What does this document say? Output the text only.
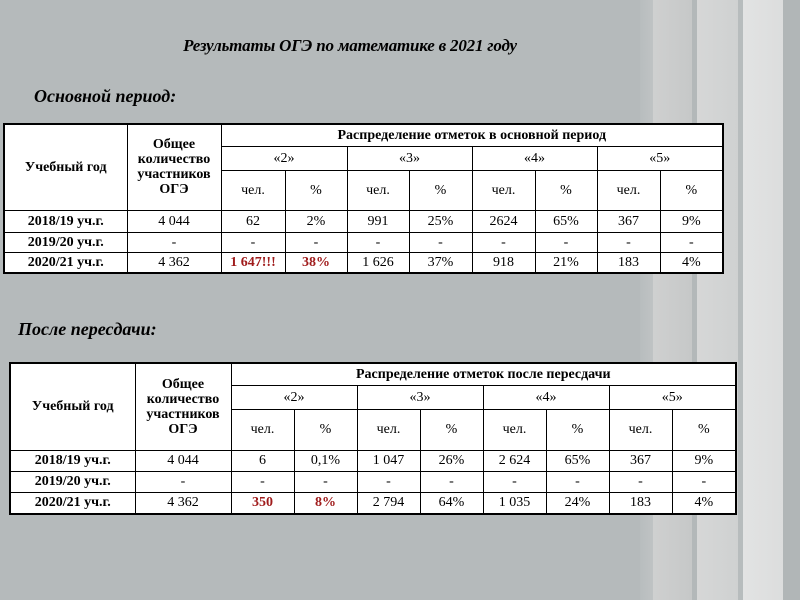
Результаты ОГЭ по математике в 2021 году
Основной период:
Учебный год	Общее количество участников ОГЭ	Распределение отметок в основной период							
		«2»		«3»		«4»		«5»	
		чел.	%	чел.	%	чел.	%	чел.	%
2018/19 уч.г.	4 044	62	2%	991	25%	2624	65%	367	9%
2019/20 уч.г.	-	-	-	-	-	-	-	-	-
2020/21 уч.г.	4 362	1 647!!!	38%	1 626	37%	918	21%	183	4%
После пересдачи:
Учебный год	Общее количество участников ОГЭ	Распределение отметок после пересдачи							
		«2»		«3»		«4»		«5»	
		чел.	%	чел.	%	чел.	%	чел.	%
2018/19 уч.г.	4 044	6	0,1%	1 047	26%	2 624	65%	367	9%
2019/20 уч.г.	-	-	-	-	-	-	-	-	-
2020/21 уч.г.	4 362	350	8%	2 794	64%	1 035	24%	183	4%
